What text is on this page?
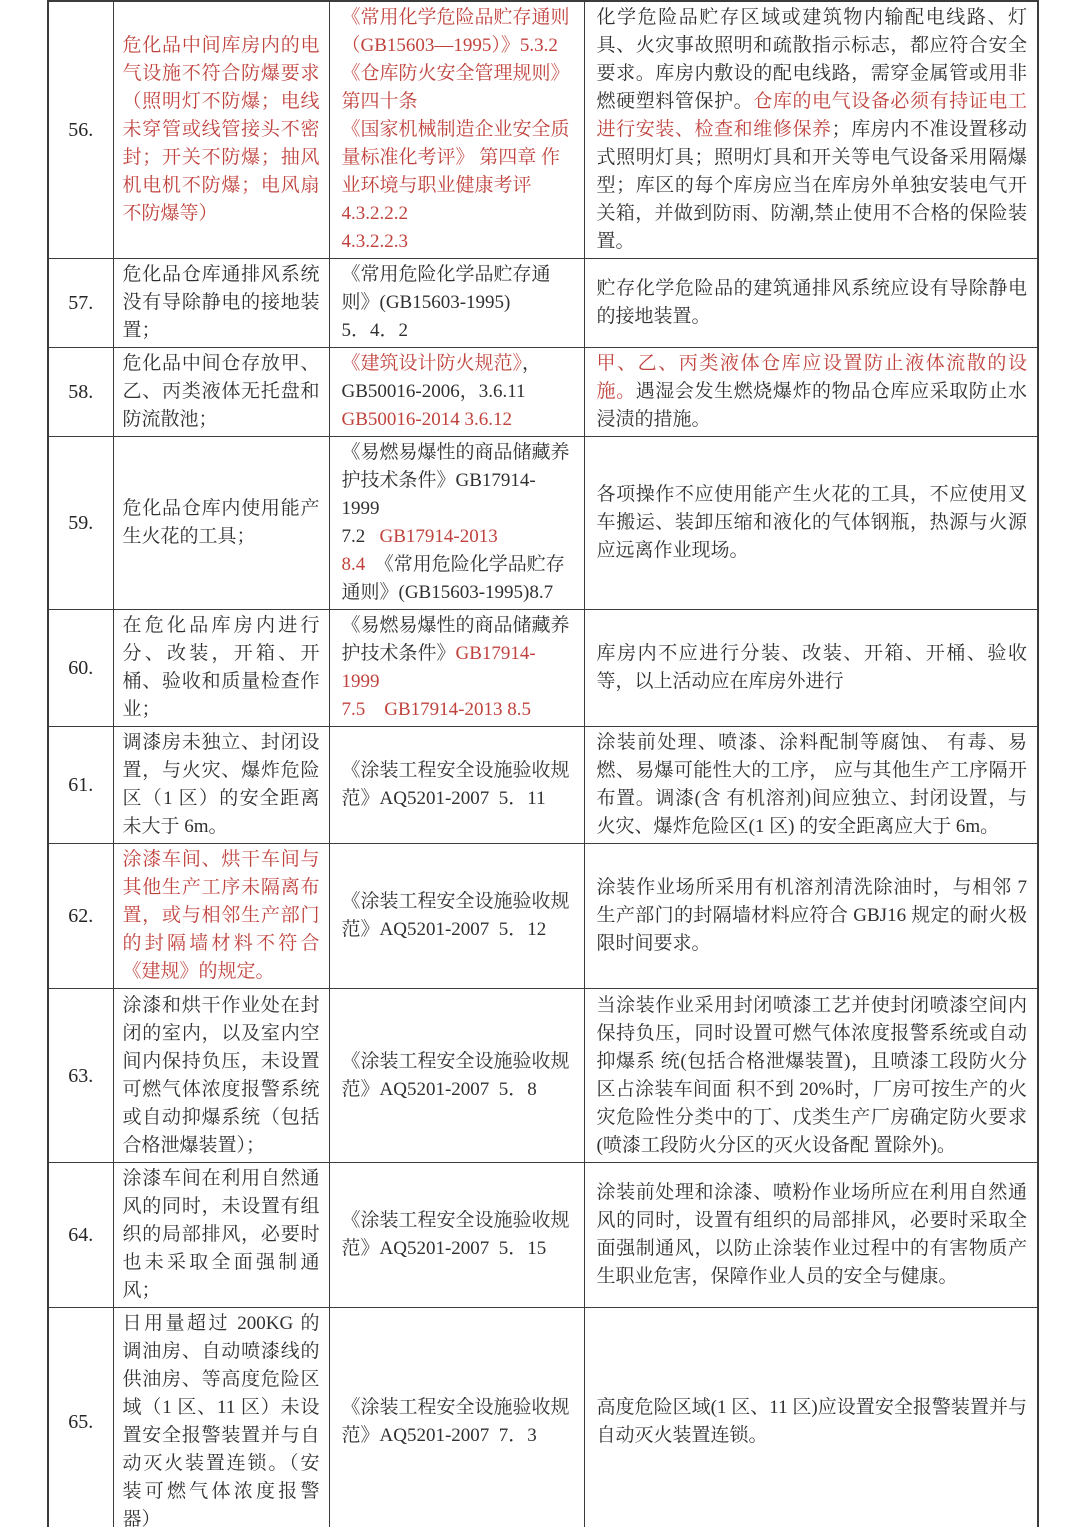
56.	危化品中间库房内的电气设施不符合防爆要求（照明灯不防爆；电线未穿管或线管接头不密封；开关不防爆；抽风机电机不防爆；电风扇不防爆等）	《常用化学危险品贮存通则（GB15603—1995）》5.3.2
《仓库防火安全管理规则》
第四十条
《国家机械制造企业安全质量标准化考评》 第四章 作业环境与职业健康考评
4.3.2.2.2
4.3.2.2.3	化学危险品贮存区域或建筑物内输配电线路、灯具、火灾事故照明和疏散指示标志，都应符合安全要求。库房内敷设的配电线路，需穿金属管或用非燃硬塑料管保护。仓库的电气设备必须有持证电工进行安装、检查和维修保养；库房内不准设置移动式照明灯具；照明灯具和开关等电气设备采用隔爆型；库区的每个库房应当在库房外单独安装电气开关箱，并做到防雨、防潮,禁止使用不合格的保险装置。
57.	危化品仓库通排风系统没有导除静电的接地装置；	《常用危险化学品贮存通则》(GB15603-1995)
5．4．2	贮存化学危险品的建筑通排风系统应设有导除静电的接地装置。
58.	危化品中间仓存放甲、乙、丙类液体无托盘和防流散池；	《建筑设计防火规范》，
GB50016-2006，3.6.11
GB50016-2014 3.6.12	甲、乙、丙类液体仓库应设置防止液体流散的设施。遇湿会发生燃烧爆炸的物品仓库应采取防止水浸渍的措施。
59.	危化品仓库内使用能产生火花的工具；	《易燃易爆性的商品储藏养护技术条件》GB17914-1999
7.2   GB17914-2013
8.4  《常用危险化学品贮存通则》(GB15603-1995)8.7	各项操作不应使用能产生火花的工具，不应使用叉车搬运、装卸压缩和液化的气体钢瓶，热源与火源应远离作业现场。
60.	在危化品库房内进行分、改装，开箱、开桶、验收和质量检查作业；	《易燃易爆性的商品储藏养护技术条件》GB17914-1999
7.5    GB17914-2013 8.5	库房内不应进行分装、改装、开箱、开桶、验收等，以上活动应在库房外进行
61.	调漆房未独立、封闭设置，与火灾、爆炸危险区（1 区）的安全距离未大于 6m。	《涂装工程安全设施验收规范》AQ5201-2007  5．11	涂装前处理、喷漆、涂料配制等腐蚀、 有毒、易燃、易爆可能性大的工序， 应与其他生产工序隔开布置。调漆(含 有机溶剂)间应独立、封闭设置，与火灾、爆炸危险区(1 区) 的安全距离应大于 6m。
62.	涂漆车间、烘干车间与其他生产工序未隔离布置，或与相邻生产部门的封隔墙材料不符合《建规》的规定。	《涂装工程安全设施验收规范》AQ5201-2007  5．12	涂装作业场所采用有机溶剂清洗除油时，与相邻 7 生产部门的封隔墙材料应符合 GBJ16 规定的耐火极限时间要求。
63.	涂漆和烘干作业处在封闭的室内，以及室内空间内保持负压，未设置可燃气体浓度报警系统或自动抑爆系统（包括合格泄爆装置）；	《涂装工程安全设施验收规范》AQ5201-2007  5．8	当涂装作业采用封闭喷漆工艺并使封闭喷漆空间内保持负压，同时设置可燃气体浓度报警系统或自动抑爆系 统(包括合格泄爆装置)，且喷漆工段防火分区占涂装车间面 积不到 20%时，厂房可按生产的火灾危险性分类中的丁、戊类生产厂房确定防火要求(喷漆工段防火分区的灭火设备配 置除外)。
64.	涂漆车间在利用自然通风的同时，未设置有组织的局部排风，必要时也未采取全面强制通风；	《涂装工程安全设施验收规范》AQ5201-2007  5．15	涂装前处理和涂漆、喷粉作业场所应在利用自然通风的同时，设置有组织的局部排风，必要时采取全面强制通风，以防止涂装作业过程中的有害物质产生职业危害，保障作业人员的安全与健康。
65.	日用量超过 200KG 的调油房、自动喷漆线的供油房、等高度危险区域（1 区、11 区）未设置安全报警装置并与自动灭火装置连锁。（安装可燃气体浓度报警器）	《涂装工程安全设施验收规范》AQ5201-2007  7．3	高度危险区域(1 区、11 区)应设置安全报警装置并与自动灭火装置连锁。
